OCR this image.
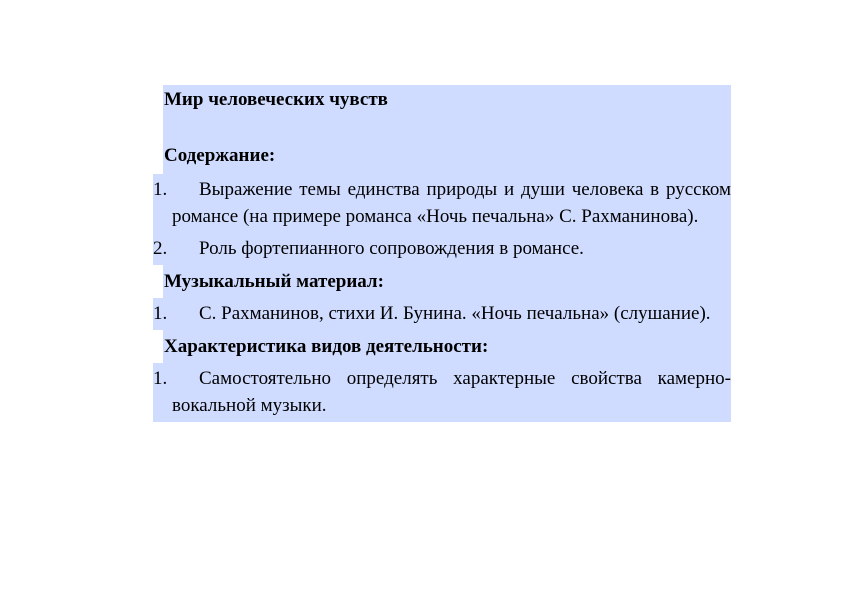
Мир человеческих чувств
Содержание:
1.	Выражение темы единства природы и души человека в русском романсе (на примере романса «Ночь печальна» С. Рахманинова).
2.	Роль фортепианного сопровождения в романсе.
Музыкальный материал:
1.	С. Рахманинов, стихи И. Бунина. «Ночь печальна» (слушание).
Характеристика видов деятельности:
1.	Самостоятельно определять характерные свойства камерно-вокальной музыки.
